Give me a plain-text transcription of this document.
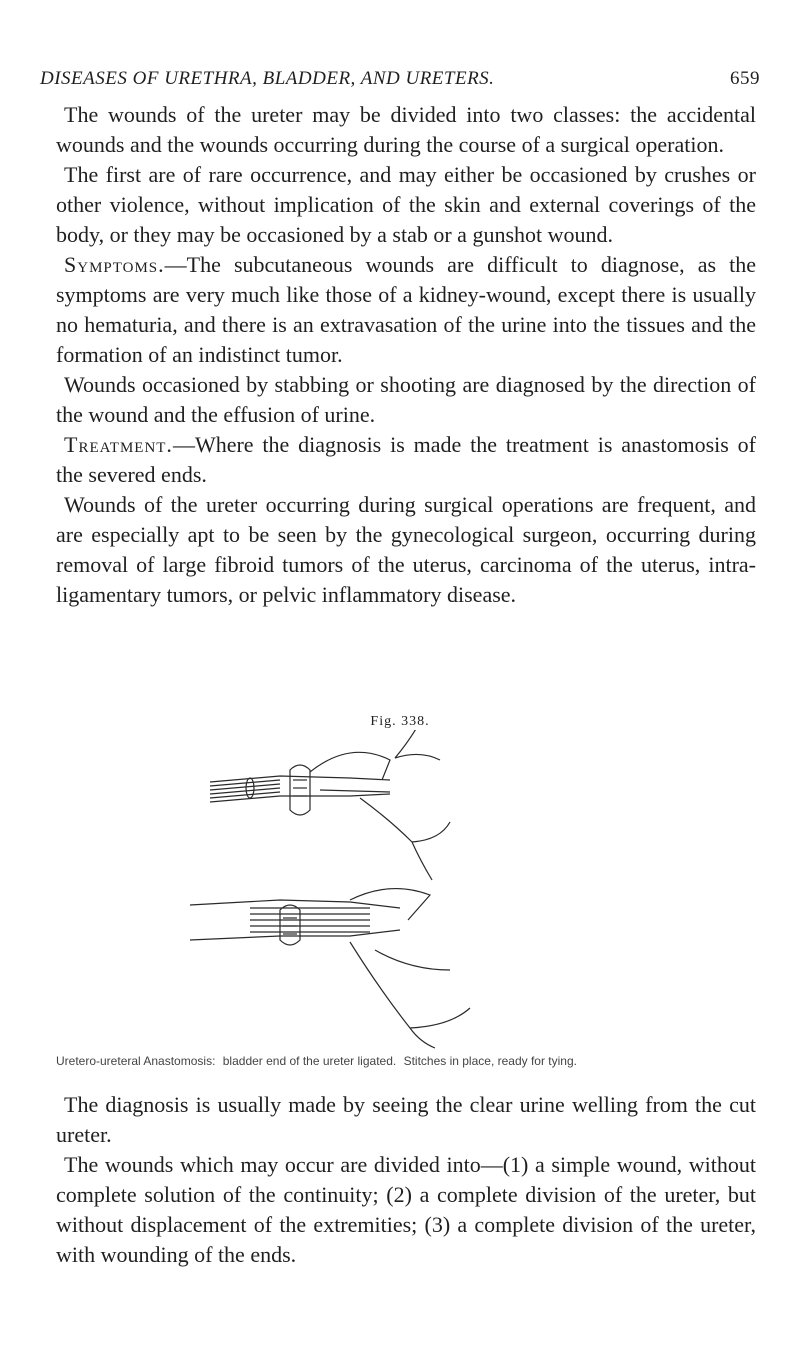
DISEASES OF URETHRA, BLADDER, AND URETERS.	659

The wounds of the ureter may be divided into two classes: the accidental wounds and the wounds occurring during the course of a surgical operation.

The first are of rare occurrence, and may either be occasioned by crushes or other violence, without implication of the skin and external coverings of the body, or they may be occasioned by a stab or a gunshot wound.

Symptoms.—The subcutaneous wounds are difficult to diagnose, as the symptoms are very much like those of a kidney-wound, except there is usually no hematuria, and there is an extravasation of the urine into the tissues and the formation of an indistinct tumor.

Wounds occasioned by stabbing or shooting are diagnosed by the direction of the wound and the effusion of urine.

Treatment.—Where the diagnosis is made the treatment is anastomosis of the severed ends.

Wounds of the ureter occurring during surgical operations are frequent, and are especially apt to be seen by the gynecological surgeon, occurring during removal of large fibroid tumors of the uterus, carcinoma of the uterus, intra-ligamentary tumors, or pelvic inflammatory disease.

Fig. 338.
Uretero-ureteral Anastomosis: bladder end of the ureter ligated. Stitches in place, ready for tying.

The diagnosis is usually made by seeing the clear urine welling from the cut ureter.

The wounds which may occur are divided into—(1) a simple wound, without complete solution of the continuity; (2) a complete division of the ureter, but without displacement of the extremities; (3) a complete division of the ureter, with wounding of the ends.
